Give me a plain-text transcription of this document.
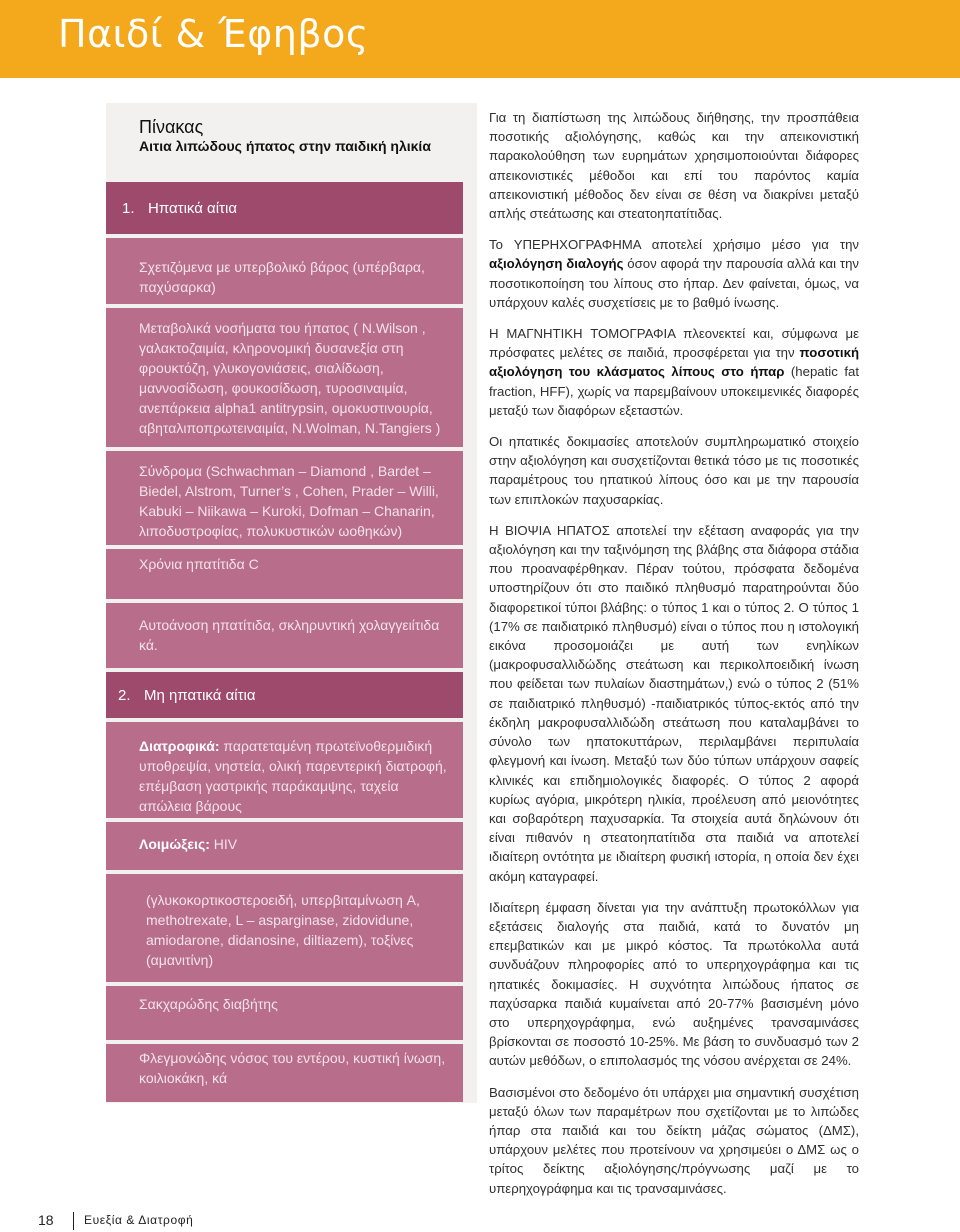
Παιδί & Έφηβος
Πίνακας
Αιτια λιπώδους ήπατος στην παιδική ηλικία
1. Ηπατικά αίτια
Σχετιζόμενα με υπερβολικό βάρος (υπέρβαρα, παχύσαρκα)
Μεταβολικά νοσήματα του ήπατος ( N.Wilson , γαλακτοζαιμία, κληρονομική δυσανεξία στη φρουκτόζη, γλυκογονιάσεις, σιαλίδωση, μαννοσίδωση, φουκοσίδωση, τυροσιναιμία, ανεπάρκεια alpha1 antitrypsin, ομοκυστινουρία, αβηταλιποπρωτειναιμία, N.Wolman, N.Tangiers )
Σύνδρομα (Schwachman – Diamond , Bardet – Biedel, Alstrom, Turner’s , Cohen, Prader – Willi, Kabuki – Niikawa – Kuroki, Dofman – Chanarin, λιποδυστροφίας, πολυκυστικών ωοθηκών)
Χρόνια ηπατίτιδα C
Αυτοάνοση ηπατίτιδα, σκληρυντική χολαγγειίτιδα κά.
2. Μη ηπατικά αίτια
Διατροφικά: παρατεταμένη πρωτεϊνοθερμιδική υποθρεψία, νηστεία, ολική παρεντερική διατροφή, επέμβαση γαστρικής παράκαμψης, ταχεία απώλεια βάρους
Λοιμώξεις: HIV
(γλυκοκορτικοστεροειδή, υπερβιταμίνωση A, methotrexate, L – asparginase, zidovidune, amiodarone, didanosine, diltiazem), τοξίνες (αμανιτίνη)
Σακχαρώδης διαβήτης
Φλεγμονώδης νόσος του εντέρου, κυστική ίνωση, κοιλιοκάκη, κά

Για τη διαπίστωση της λιπώδους διήθησης, την προσπάθεια ποσοτικής αξιολόγησης, καθώς και την απεικονιστική παρακολούθηση των ευρημάτων χρησιμοποιούνται διάφορες απεικονιστικές μέθοδοι και επί του παρόντος καμία απεικονιστική μέθοδος δεν είναι σε θέση να διακρίνει μεταξύ απλής στεάτωσης και στεατοηπατίτιδας.

Το ΥΠΕΡΗΧΟΓΡΑΦΗΜΑ αποτελεί χρήσιμο μέσο για την αξιολόγηση διαλογής όσον αφορά την παρουσία αλλά και την ποσοτικοποίηση του λίπους στο ήπαρ. Δεν φαίνεται, όμως, να υπάρχουν καλές συσχετίσεις με το βαθμό ίνωσης.

Η ΜΑΓΝΗΤΙΚΗ ΤΟΜΟΓΡΑΦΙΑ πλεονεκτεί και, σύμφωνα με πρόσφατες μελέτες σε παιδιά, προσφέρεται για την ποσοτική αξιολόγηση του κλάσματος λίπους στο ήπαρ (hepatic fat fraction, HFF), χωρίς να παρεμβαίνουν υποκειμενικές διαφορές μεταξύ των διαφόρων εξεταστών.

Οι ηπατικές δοκιμασίες αποτελούν συμπληρωματικό στοιχείο στην αξιολόγηση και συσχετίζονται θετικά τόσο με τις ποσοτικές παραμέτρους του ηπατικού λίπους όσο και με την παρουσία των επιπλοκών παχυσαρκίας.

Η ΒΙΟΨΙΑ ΗΠΑΤΟΣ αποτελεί την εξέταση αναφοράς για την αξιολόγηση και την ταξινόμηση της βλάβης στα διάφορα στάδια που προαναφέρθηκαν. Πέραν τούτου, πρόσφατα δεδομένα υποστηρίζουν ότι στο παιδικό πληθυσμό παρατηρούνται δύο διαφορετικοί τύποι βλάβης: ο τύπος 1 και ο τύπος 2. Ο τύπος 1 (17% σε παιδιατρικό πληθυσμό) είναι ο τύπος που η ιστολογική εικόνα προσομοιάζει με αυτή των ενηλίκων (μακροφυσαλλιδώδης στεάτωση και περικολποειδική ίνωση που φείδεται των πυλαίων διαστημάτων,) ενώ ο τύπος 2 (51% σε παιδιατρικό πληθυσμό) -παιδιατρικός τύπος-εκτός από την έκδηλη μακροφυσαλλιδώδη στεάτωση που καταλαμβάνει το σύνολο των ηπατοκυττάρων, περιλαμβάνει περιπυλαία φλεγμονή και ίνωση. Μεταξύ των δύο τύπων υπάρχουν σαφείς κλινικές και επιδημιολογικές διαφορές. Ο τύπος 2 αφορά κυρίως αγόρια, μικρότερη ηλικία, προέλευση από μειονότητες και σοβαρότερη παχυσαρκία. Τα στοιχεία αυτά δηλώνουν ότι είναι πιθανόν η στεατοηπατίτιδα στα παιδιά να αποτελεί ιδιαίτερη οντότητα με ιδιαίτερη φυσική ιστορία, η οποία δεν έχει ακόμη καταγραφεί.

Ιδιαίτερη έμφαση δίνεται για την ανάπτυξη πρωτοκόλλων για εξετάσεις διαλογής στα παιδιά, κατά το δυνατόν μη επεμβατικών και με μικρό κόστος. Τα πρωτόκολλα αυτά συνδυάζουν πληροφορίες από το υπερηχογράφημα και τις ηπατικές δοκιμασίες. Η συχνότητα λιπώδους ήπατος σε παχύσαρκα παιδιά κυμαίνεται από 20-77% βασισμένη μόνο στο υπερηχογράφημα, ενώ αυξημένες τρανσαμινάσες βρίσκονται σε ποσοστό 10-25%. Με βάση το συνδυασμό των 2 αυτών μεθόδων, ο επιπολασμός της νόσου ανέρχεται σε 24%.

Βασισμένοι στο δεδομένο ότι υπάρχει μια σημαντική συσχέτιση μεταξύ όλων των παραμέτρων που σχετίζονται με το λιπώδες ήπαρ στα παιδιά και του δείκτη μάζας σώματος (ΔΜΣ), υπάρχουν μελέτες που προτείνουν να χρησιμεύει ο ΔΜΣ ως ο τρίτος δείκτης αξιολόγησης/πρόγνωσης μαζί με το υπερηχογράφημα και τις τρανσαμινάσες.

18	Ευεξία & Διατροφή
